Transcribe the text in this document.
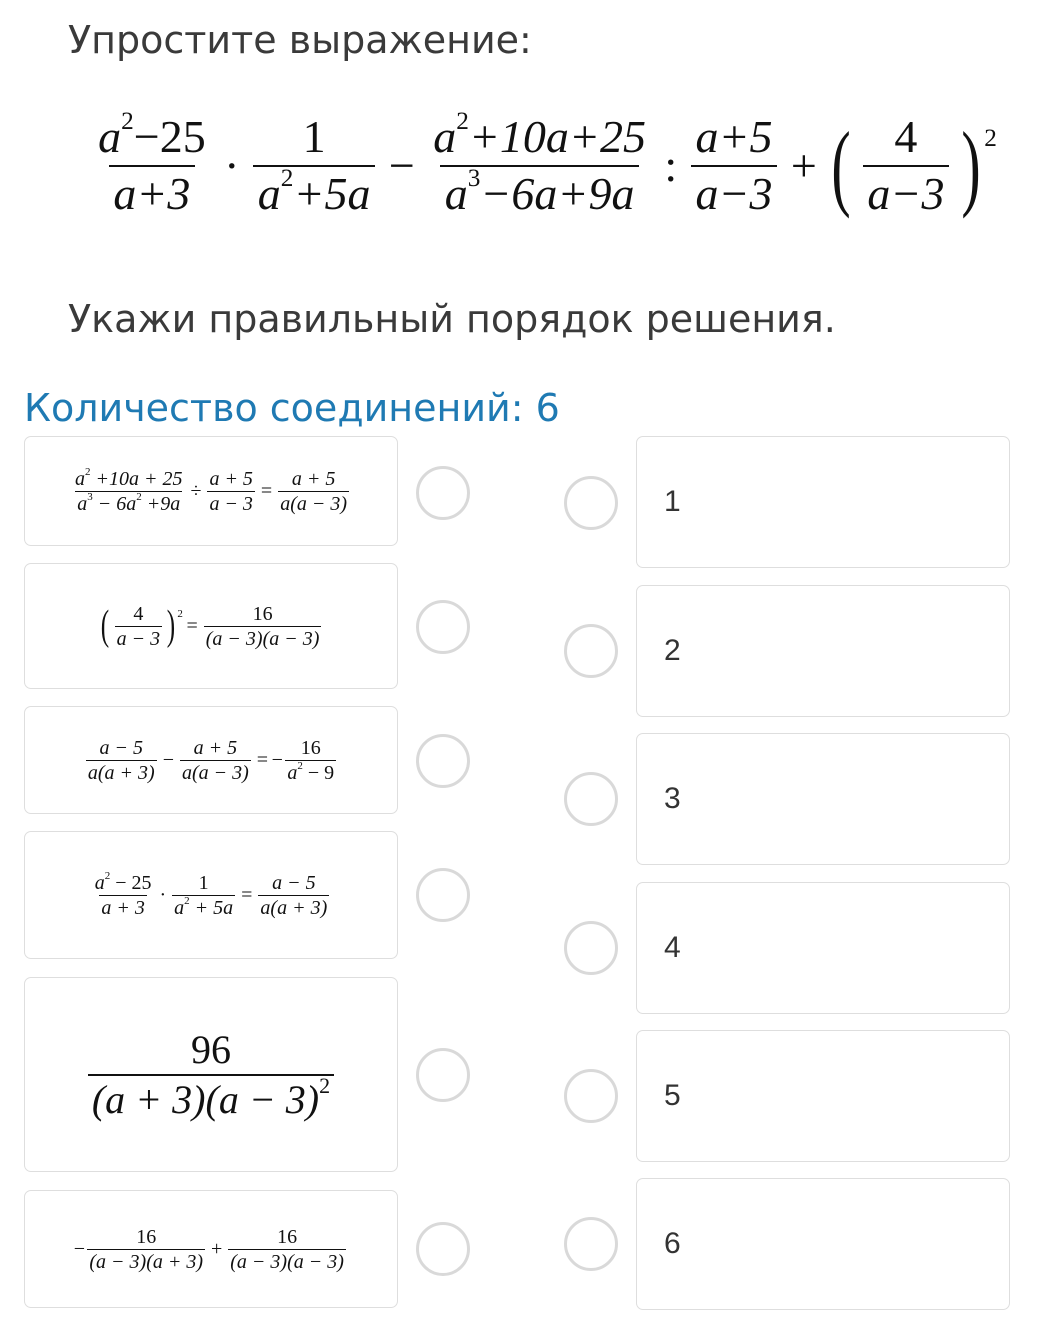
Упростите выражение:
$\frac{a^2-25}{a+3} \cdot \frac{1}{a^2+5a} - \frac{a^2+10a+25}{a^3-6a+9a}$ : $\frac{a+5}{a-3}$ + ( $\frac{4}{a-3} )^2$
Укажи правильный порядок решения.
Количество соединений: 6
$\frac{a^2 +10a + 25}{a^3 - 6a^2 +9a} \div \frac{a + 5}{a - 3} = \frac{a + 5}{a(a - 3)}$
( $\frac{4}{a - 3} )^2$
= $\frac{16}{(a - 3)(a - 3)}$
$\frac{a - 5}{a(a + 3)} - \frac{a + 5}{a(a - 3)}$ = − $\frac{16}{a^2 - 9}$
$\frac{a^2 - 25}{a + 3} \cdot \frac{1}{a^2 + 5a} = \frac{a - 5}{a(a + 3)}$
$\frac{96}{(a + 3)(a - 3)^2}$
− $\frac{16}{(a - 3)(a + 3)} + \frac{16}{(a - 3)(a - 3)}$
1
2
3
4
5
6
